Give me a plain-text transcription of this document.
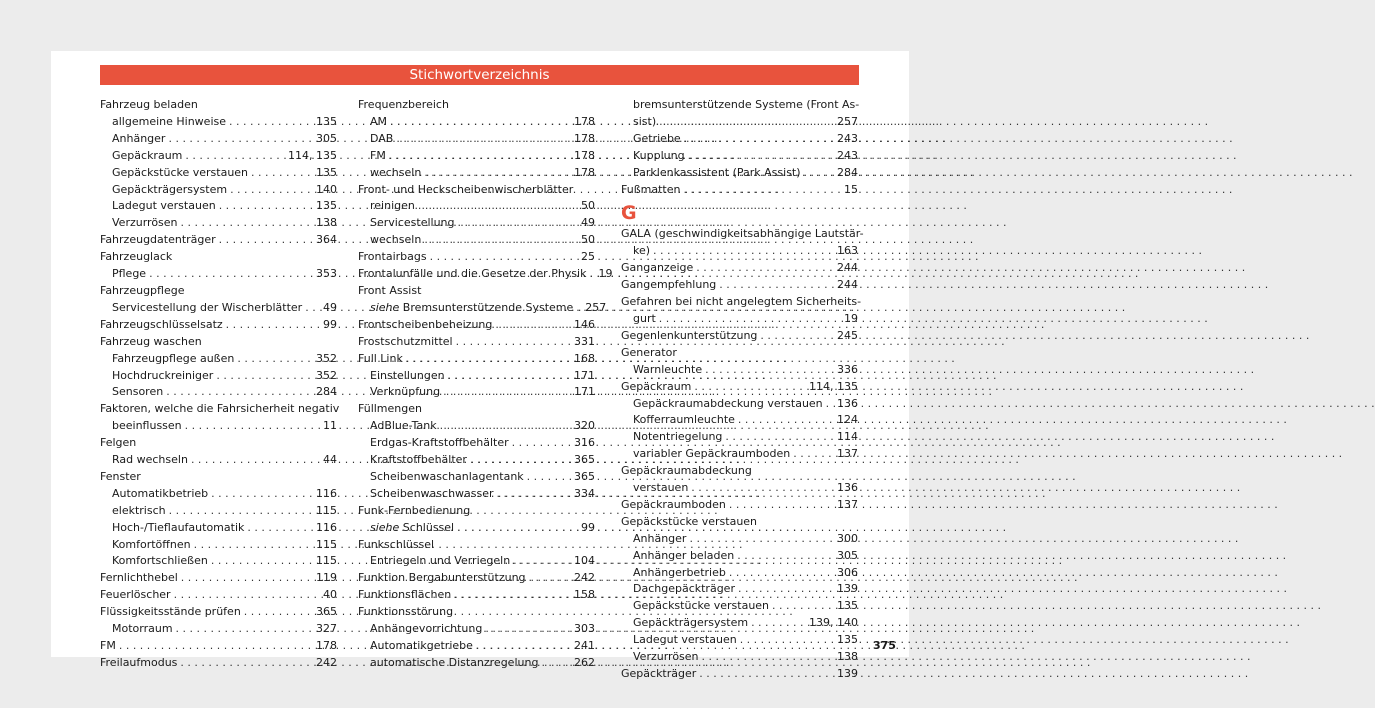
Stichwortverzeichnis
Fahrzeug beladen
allgemeine Hinweise . . .	135
Anhänger . . .	305
Gepäckraum . . .	114, 135
Gepäckstücke verstauen . . .	135
Gepäckträgersystem . . .	140
Ladegut verstauen . . .	135
Verzurrösen . . .	138
Fahrzeugdatenträger . . .	364
Fahrzeuglack
Pflege . . .	353
Fahrzeugpflege
Servicestellung der Wischerblätter . . . 49
Fahrzeugschlüsselsatz . . .	99
Fahrzeug waschen
Fahrzeugpflege außen . . .	352
Hochdruckreiniger . . .	352
Sensoren . . .	284
Faktoren, welche die Fahrsicherheit negativ
beeinflussen . . .	11
Felgen
Rad wechseln . . .	44
Fenster
Automatikbetrieb . . .	116
elektrisch . . .	115
Hoch-/Tieflaufautomatik . . .	116
Komfortöffnen . . .	115
Komfortschließen . . .	115
Fernlichthebel . . .	119
Feuerlöscher . . .	40
Flüssigkeitsstände prüfen . . .	365
Motorraum . . .	327
FM . . .	178
Freilaufmodus . . .	242
Frequenzbereich
AM . . .	178
DAB . . .	178
FM . . .	178
wechseln . . .	178
Front- und Heckscheibenwischerblätter
reinigen . . .	50
Servicestellung . . .	49
wechseln . . .	50
Frontairbags . . .	25
Frontalunfälle und die Gesetze der Physik . . . 19
Front Assist
siehe Bremsunterstützende Systeme . . . 257
Frontscheibenbeheizung . . .	146
Frostschutzmittel . . .	331
Full Link . . .	168
Einstellungen . . .	171
Verknüpfung . . .	171
Füllmengen
AdBlue-Tank . . .	320
Erdgas-Kraftstoffbehälter . . .	316
Kraftstoffbehälter . . .	365
Scheibenwaschanlagentank . . .	365
Scheibenwaschwasser . . .	334
Funk-Fernbedienung
siehe Schlüssel . . .	99
Funkschlüssel
Entriegeln und Verriegeln . . .	104
Funktion Bergabunterstützung . . .	242
Funktionsflächen . . .	158
Funktionsstörung
Anhängevorrichtung . . .	303
Automatikgetriebe . . .	241
automatische Distanzregelung . . .	262
bremsunterstützende Systeme (Front As-
sist) . . .	257
Getriebe . . .	243
Kupplung . . .	243
Parklenkassistent (Park Assist) . . .	284
Fußmatten . . .	15
G
GALA (geschwindigkeitsabhängige Lautstär-
ke) . . .	163
Ganganzeige . . .	244
Gangempfehlung . . .	244
Gefahren bei nicht angelegtem Sicherheits-
gurt . . .	19
Gegenlenkunterstützung . . .	245
Generator
Warnleuchte . . .	336
Gepäckraum . . .	114, 135
Gepäckraumabdeckung verstauen . . . 136
Kofferraumleuchte . . .	124
Notentriegelung . . .	114
variabler Gepäckraumboden . . .	137
Gepäckraumabdeckung
verstauen . . .	136
Gepäckraumboden . . .	137
Gepäckstücke verstauen
Anhänger . . .	300
Anhänger beladen . . .	305
Anhängerbetrieb . . .	306
Dachgepäckträger . . .	139
Gepäckstücke verstauen . . .	135
Gepäckträgersystem . . .	139, 140
Ladegut verstauen . . .	135
Verzurrösen . . .	138
Gepäckträger . . .	139
375
